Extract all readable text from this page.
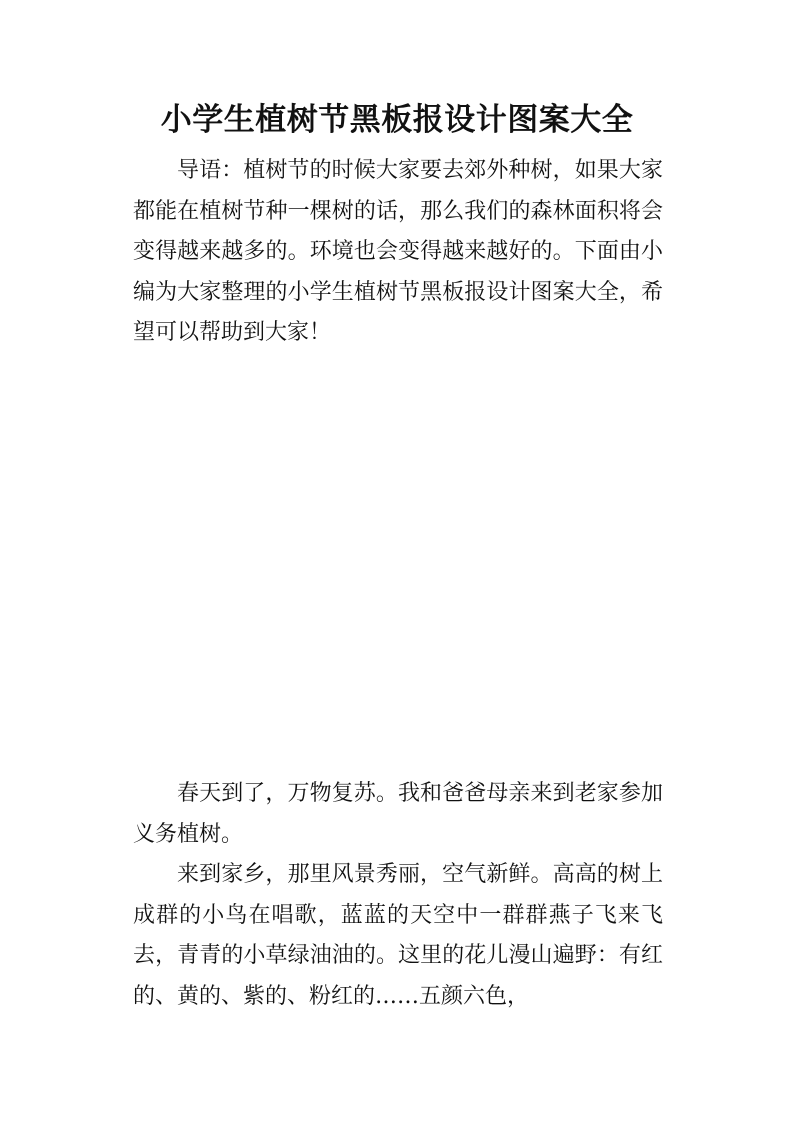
小学生植树节黑板报设计图案大全

导语：植树节的时候大家要去郊外种树，如果大家都能在植树节种一棵树的话，那么我们的森林面积将会变得越来越多的。环境也会变得越来越好的。下面由小编为大家整理的小学生植树节黑板报设计图案大全，希望可以帮助到大家！

春天到了，万物复苏。我和爸爸母亲来到老家参加义务植树。

来到家乡，那里风景秀丽，空气新鲜。高高的树上成群的小鸟在唱歌，蓝蓝的天空中一群群燕子飞来飞去，青青的小草绿油油的。这里的花儿漫山遍野：有红的、黄的、紫的、粉红的……五颜六色，
